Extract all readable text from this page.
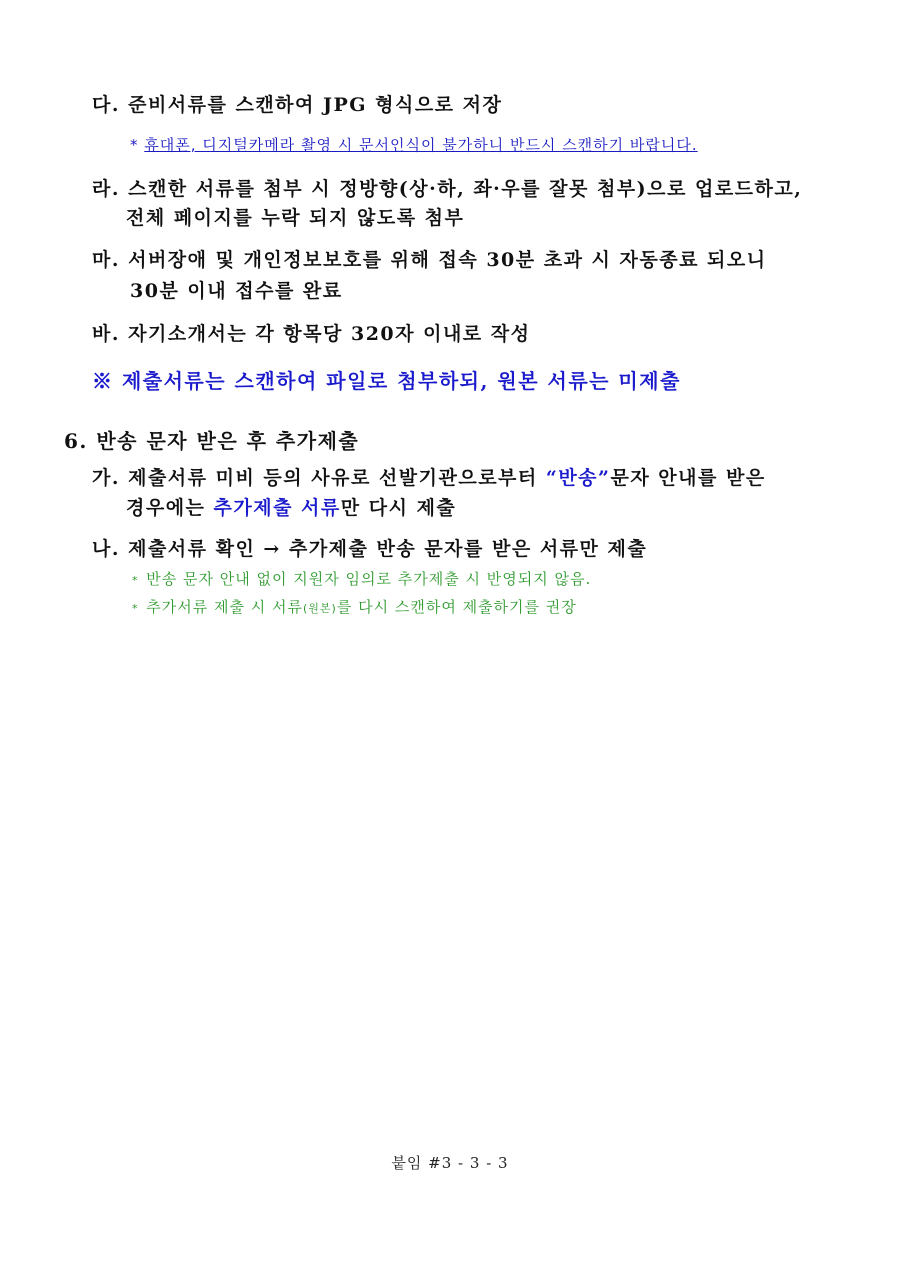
다. 준비서류를 스캔하여 JPG 형식으로 저장
* 휴대폰, 디지털카메라 촬영 시 문서인식이 불가하니 반드시 스캔하기 바랍니다.
라. 스캔한 서류를 첨부 시 정방향(상·하, 좌·우를 잘못 첨부)으로 업로드하고,
전체 페이지를 누락 되지 않도록 첨부
마. 서버장애 및 개인정보보호를 위해 접속 30분 초과 시 자동종료 되오니
30분 이내 접수를 완료
바. 자기소개서는 각 항목당 320자 이내로 작성
※ 제출서류는 스캔하여 파일로 첨부하되, 원본 서류는 미제출
6. 반송 문자 받은 후 추가제출
가. 제출서류 미비 등의 사유로 선발기관으로부터 “반송”문자 안내를 받은
경우에는 추가제출 서류만 다시 제출
나. 제출서류 확인 → 추가제출 반송 문자를 받은 서류만 제출
* 반송 문자 안내 없이 지원자 임의로 추가제출 시 반영되지 않음.
* 추가서류 제출 시 서류(원본)를 다시 스캔하여 제출하기를 권장
붙임 #3 - 3 - 3
